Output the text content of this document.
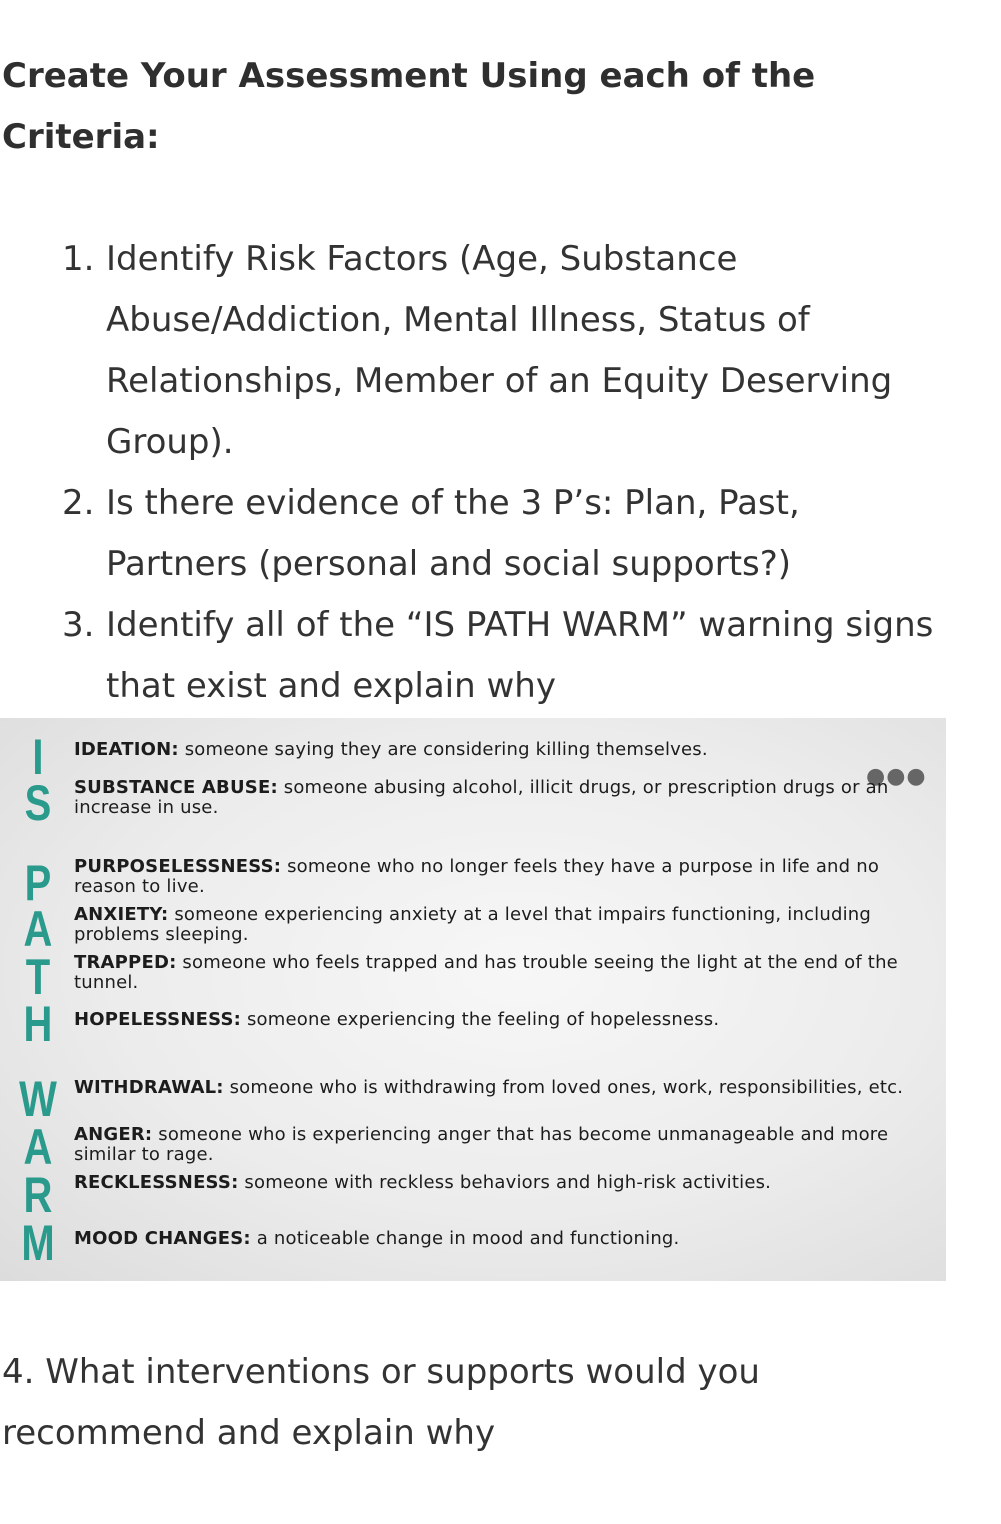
Create Your Assessment Using each of the Criteria:
1. Identify Risk Factors (Age, Substance Abuse/Addiction, Mental Illness, Status of Relationships, Member of an Equity Deserving Group).
2. Is there evidence of the 3 P’s: Plan, Past, Partners (personal and social supports?)
3. Identify all of the “IS PATH WARM” warning signs that exist and explain why
●●●
I	IDEATION: someone saying they are considering killing themselves.
S	SUBSTANCE ABUSE: someone abusing alcohol, illicit drugs, or prescription drugs or an increase in use.
P	PURPOSELESSNESS: someone who no longer feels they have a purpose in life and no reason to live.
A	ANXIETY: someone experiencing anxiety at a level that impairs functioning, including problems sleeping.
T	TRAPPED: someone who feels trapped and has trouble seeing the light at the end of the tunnel.
H	HOPELESSNESS: someone experiencing the feeling of hopelessness.
W WITHDRAWAL: someone who is withdrawing from loved ones, work, responsibilities, etc.
A	ANGER: someone who is experiencing anger that has become unmanageable and more similar to rage.
R	RECKLESSNESS: someone with reckless behaviors and high-risk activities.
M MOOD CHANGES: a noticeable change in mood and functioning.

4. What interventions or supports would you recommend and explain why
